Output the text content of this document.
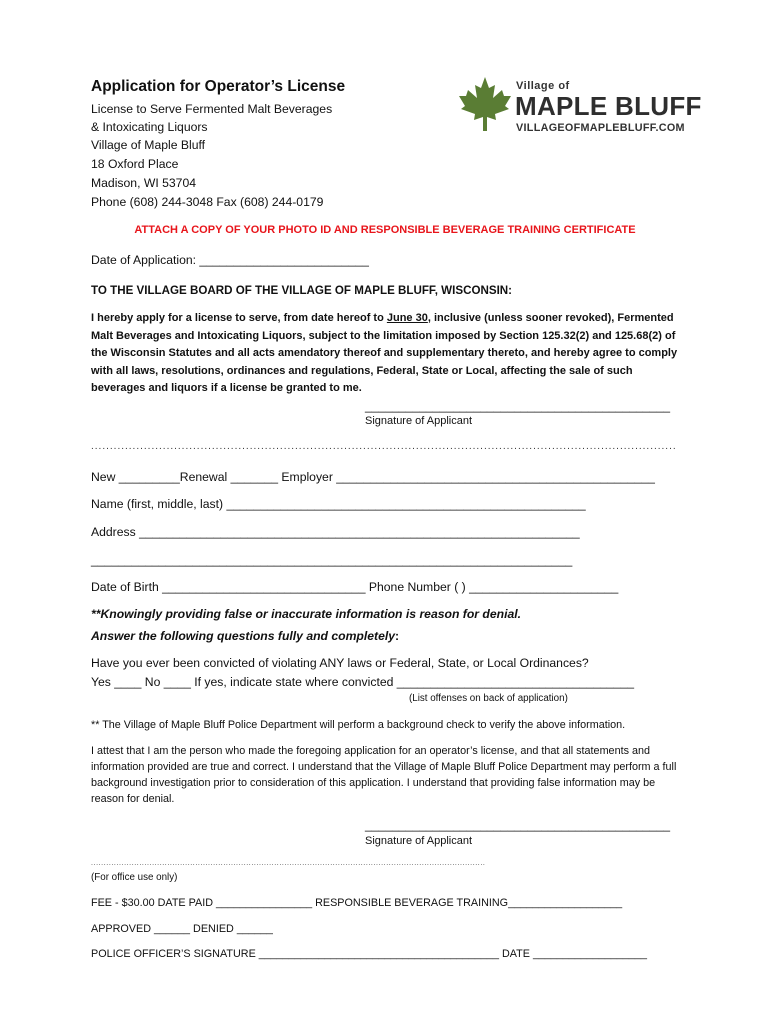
Application for Operator’s License
License to Serve Fermented Malt Beverages
& Intoxicating Liquors
Village of Maple Bluff
18 Oxford Place
Madison, WI 53704
Phone (608) 244-3048 Fax (608) 244-0179
Village of
MAPLE BLUFF
VILLAGEOFMAPLEBLUFF.COM
ATTACH A COPY OF YOUR PHOTO ID AND RESPONSIBLE BEVERAGE TRAINING CERTIFICATE
Date of Application: _________________________
TO THE VILLAGE BOARD OF THE VILLAGE OF MAPLE BLUFF, WISCONSIN:
I hereby apply for a license to serve, from date hereof to June 30, inclusive (unless sooner revoked), Fermented Malt Beverages and Intoxicating Liquors, subject to the limitation imposed by Section 125.32(2) and 125.68(2) of the Wisconsin Statutes and all acts amendatory thereof and supplementary thereto, and hereby agree to comply with all laws, resolutions, ordinances and regulations, Federal, State or Local, affecting the sale of such beverages and liquors if a license be granted to me.
_____________________________________________
Signature of Applicant
...........................................................................................................................................................
New _________Renewal _______ Employer _______________________________________________
Name (first, middle, last) _____________________________________________________
Address _________________________________________________________________
_______________________________________________________________________
Date of Birth ______________________________ Phone Number ( ) ______________________
**Knowingly providing false or inaccurate information is reason for denial.
Answer the following questions fully and completely:
Have you ever been convicted of violating ANY laws or Federal, State, or Local Ordinances?
Yes ____ No ____ If yes, indicate state where convicted ___________________________________
(List offenses on back of application)
** The Village of Maple Bluff Police Department will perform a background check to verify the above information.
I attest that I am the person who made the foregoing application for an operator’s license, and that all statements and information provided are true and correct. I understand that the Village of Maple Bluff Police Department may perform a full background investigation prior to consideration of this application. I understand that providing false information may be reason for denial.
_____________________________________________
Signature of Applicant
...........................................................................................................................................................
(For office use only)
FEE - $30.00 DATE PAID ________________ RESPONSIBLE BEVERAGE TRAINING___________________
APPROVED ______ DENIED ______
POLICE OFFICER’S SIGNATURE ________________________________________ DATE ___________________
